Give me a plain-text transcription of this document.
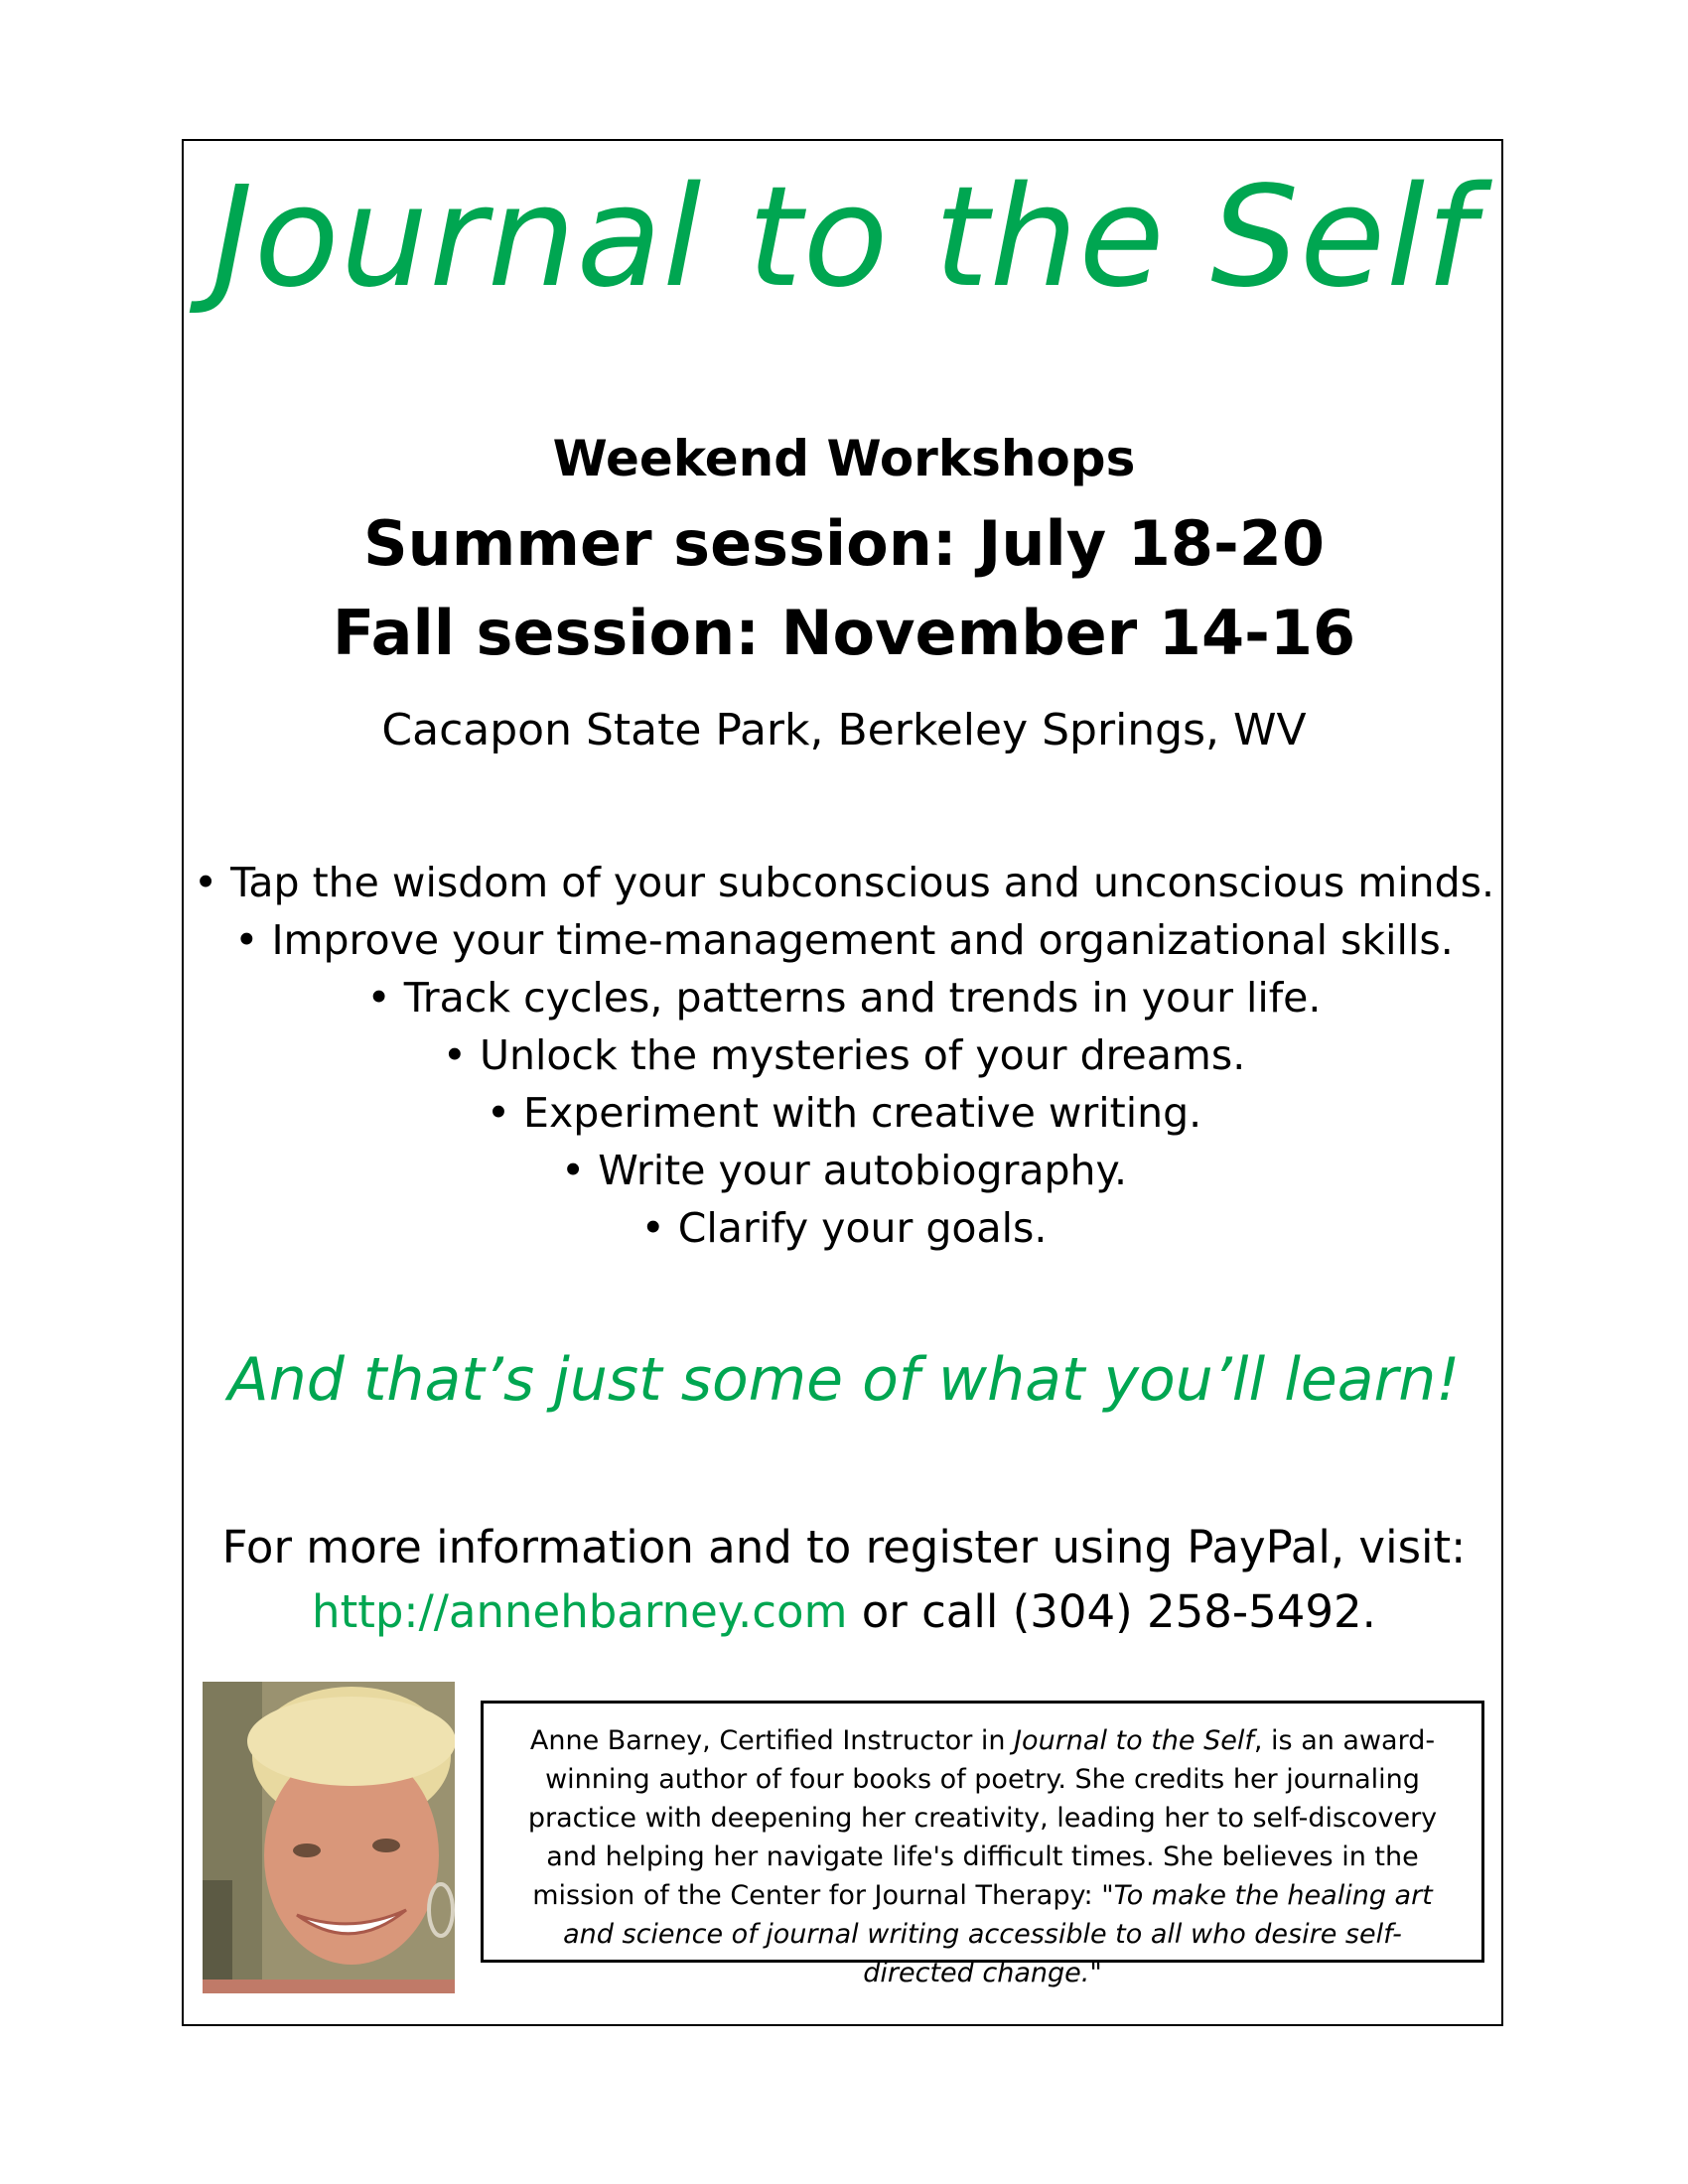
Journal to the Self
Weekend Workshops
Summer session: July 18-20
Fall session: November 14-16
Cacapon State Park, Berkeley Springs, WV
• Tap the wisdom of your subconscious and unconscious minds.
• Improve your time-management and organizational skills.
• Track cycles, patterns and trends in your life.
• Unlock the mysteries of your dreams.
• Experiment with creative writing.
• Write your autobiography.
• Clarify your goals.
And that’s just some of what you’ll learn!
For more information and to register using PayPal, visit:
http://annehbarney.com or call (304) 258-5492.
Anne Barney, Certified Instructor in Journal to the Self, is an award-winning author of four books of poetry. She credits her journaling practice with deepening her creativity, leading her to self-discovery and helping her navigate life's difficult times. She believes in the mission of the Center for Journal Therapy: "To make the healing art and science of journal writing accessible to all who desire self-directed change."
